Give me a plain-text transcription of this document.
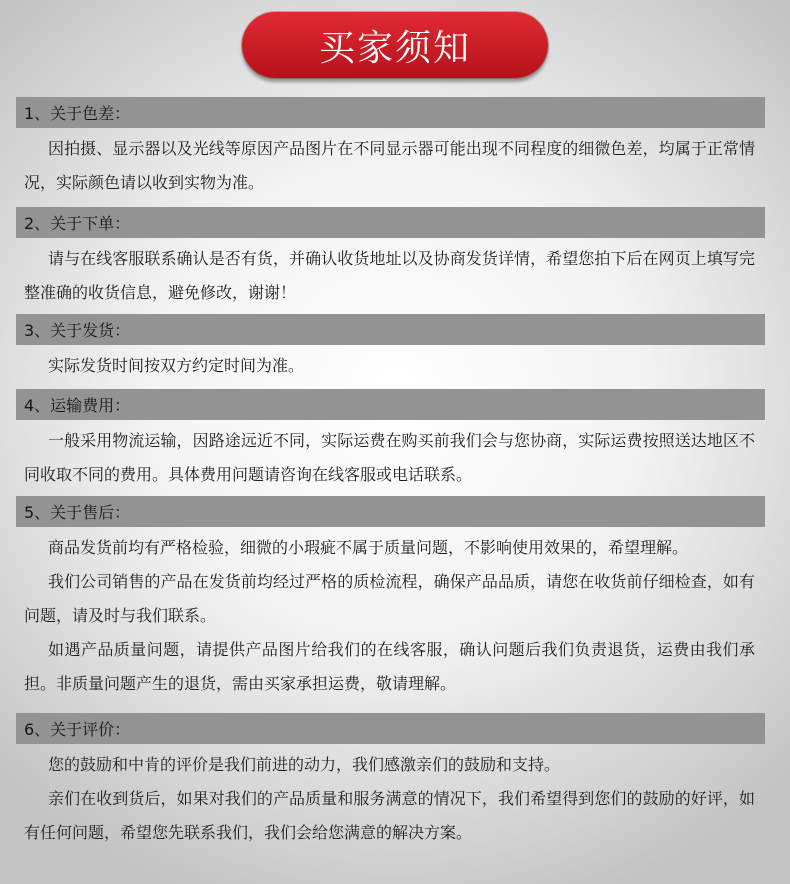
买家须知
1、关于色差：

因拍摄、显示器以及光线等原因产品图片在不同显示器可能出现不同程度的细微色差，均属于正常情况，实际颜色请以收到实物为准。

2、关于下单：

请与在线客服联系确认是否有货，并确认收货地址以及协商发货详情，希望您拍下后在网页上填写完整准确的收货信息，避免修改，谢谢！

3、关于发货：

实际发货时间按双方约定时间为准。

4、运输费用：

一般采用物流运输，因路途远近不同，实际运费在购买前我们会与您协商，实际运费按照送达地区不同收取不同的费用。具体费用问题请咨询在线客服或电话联系。

5、关于售后：

商品发货前均有严格检验，细微的小瑕疵不属于质量问题，不影响使用效果的，希望理解。

我们公司销售的产品在发货前均经过严格的质检流程，确保产品品质，请您在收货前仔细检查，如有问题，请及时与我们联系。

如遇产品质量问题，请提供产品图片给我们的在线客服，确认问题后我们负责退货，运费由我们承担。非质量问题产生的退货，需由买家承担运费，敬请理解。

6、关于评价：

您的鼓励和中肯的评价是我们前进的动力，我们感激亲们的鼓励和支持。

亲们在收到货后，如果对我们的产品质量和服务满意的情况下，我们希望得到您们的鼓励的好评，如有任何问题，希望您先联系我们，我们会给您满意的解决方案。
